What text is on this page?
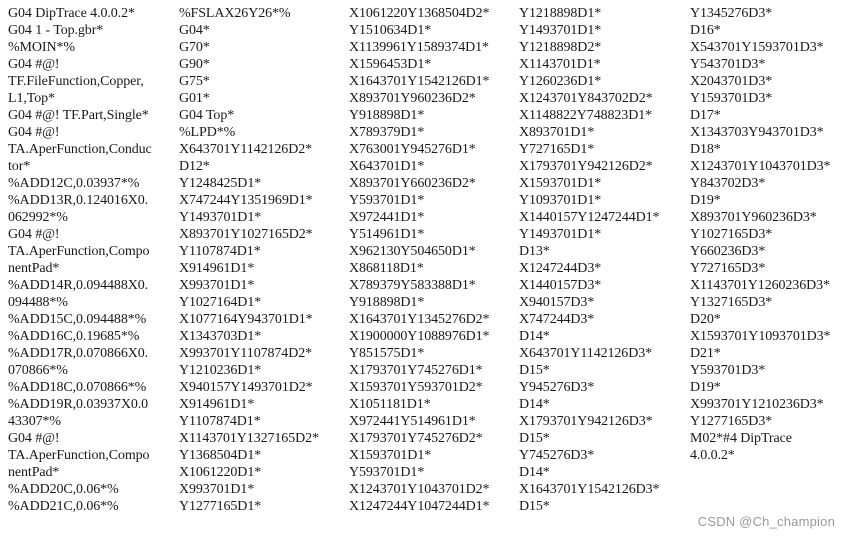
G04 DipTrace 4.0.0.2*
G04 1 - Top.gbr*
%MOIN*%
G04 #@!
TF.FileFunction,Copper,
L1,Top*
G04 #@! TF.Part,Single*
G04 #@!
TA.AperFunction,Conduc
tor*
%ADD12C,0.03937*%
%ADD13R,0.124016X0.
062992*%
G04 #@!
TA.AperFunction,Compo
nentPad*
%ADD14R,0.094488X0.
094488*%
%ADD15C,0.094488*%
%ADD16C,0.19685*%
%ADD17R,0.070866X0.
070866*%
%ADD18C,0.070866*%
%ADD19R,0.03937X0.0
43307*%
G04 #@!
TA.AperFunction,Compo
nentPad*
%ADD20C,0.06*%
%ADD21C,0.06*%
%FSLAX26Y26*%
G04*
G70*
G90*
G75*
G01*
G04 Top*
%LPD*%
X643701Y1142126D2*
D12*
Y1248425D1*
X747244Y1351969D1*
Y1493701D1*
X893701Y1027165D2*
Y1107874D1*
X914961D1*
X993701D1*
Y1027164D1*
X1077164Y943701D1*
X1343703D1*
X993701Y1107874D2*
Y1210236D1*
X940157Y1493701D2*
X914961D1*
Y1107874D1*
X1143701Y1327165D2*
Y1368504D1*
X1061220D1*
X993701D1*
Y1277165D1*
X1061220Y1368504D2*
Y1510634D1*
X1139961Y1589374D1*
X1596453D1*
X1643701Y1542126D1*
X893701Y960236D2*
Y918898D1*
X789379D1*
X763001Y945276D1*
X643701D1*
X893701Y660236D2*
Y593701D1*
X972441D1*
Y514961D1*
X962130Y504650D1*
X868118D1*
X789379Y583388D1*
Y918898D1*
X1643701Y1345276D2*
X1900000Y1088976D1*
Y851575D1*
X1793701Y745276D1*
X1593701Y593701D2*
X1051181D1*
X972441Y514961D1*
X1793701Y745276D2*
X1593701D1*
Y593701D1*
X1243701Y1043701D2*
X1247244Y1047244D1*
Y1218898D1*
Y1493701D1*
Y1218898D2*
X1143701D1*
Y1260236D1*
X1243701Y843702D2*
X1148822Y748823D1*
X893701D1*
Y727165D1*
X1793701Y942126D2*
X1593701D1*
Y1093701D1*
X1440157Y1247244D1*
Y1493701D1*
D13*
X1247244D3*
X1440157D3*
X940157D3*
X747244D3*
D14*
X643701Y1142126D3*
D15*
Y945276D3*
D14*
X1793701Y942126D3*
D15*
Y745276D3*
D14*
X1643701Y1542126D3*
D15*
Y1345276D3*
D16*
X543701Y1593701D3*
Y543701D3*
X2043701D3*
Y1593701D3*
D17*
X1343703Y943701D3*
D18*
X1243701Y1043701D3*
Y843702D3*
D19*
X893701Y960236D3*
Y1027165D3*
Y660236D3*
Y727165D3*
X1143701Y1260236D3*
Y1327165D3*
D20*
X1593701Y1093701D3*
D21*
Y593701D3*
D19*
X993701Y1210236D3*
Y1277165D3*
M02*#4 DipTrace
4.0.0.2*
CSDN @Ch_champion
